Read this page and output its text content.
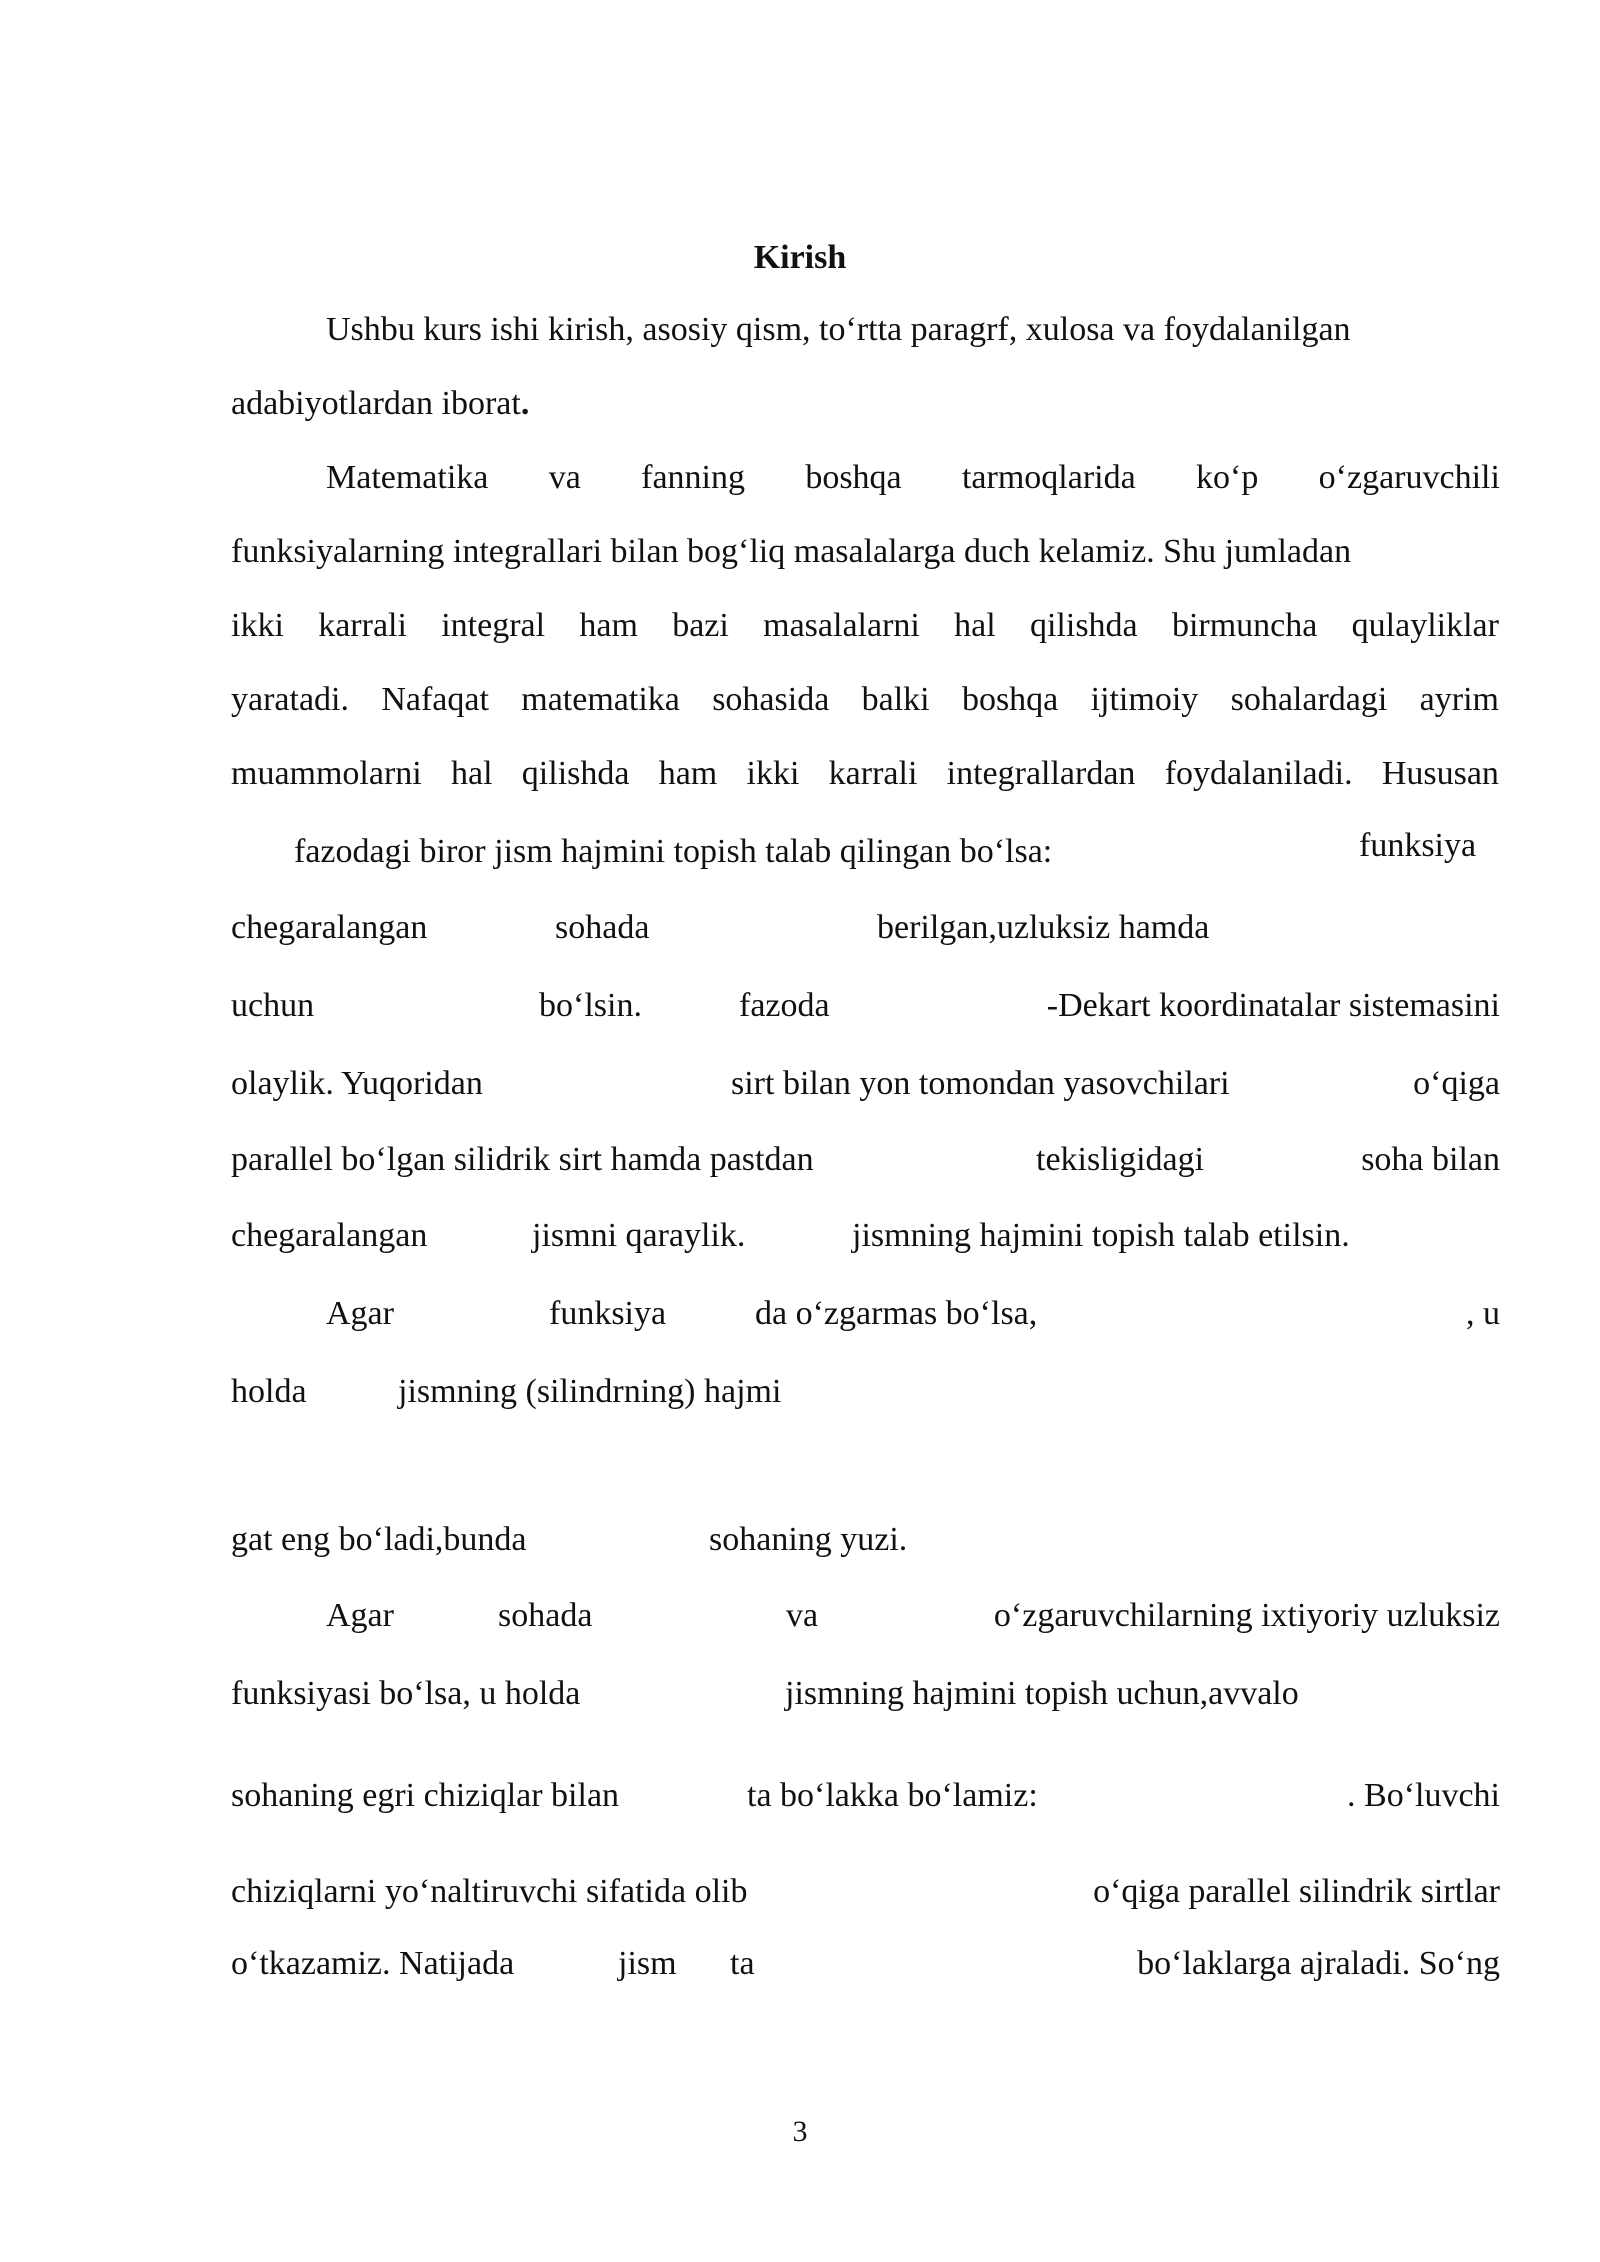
Kirish
Ushbu kurs ishi kirish, asosiy qism, to‘rtta paragrf, xulosa va foydalanilgan
adabiyotlardan iborat.
Matematika va fanning boshqa tarmoqlarida ko‘p o‘zgaruvchili
funksiyalarning integrallari bilan bog‘liq masalalarga duch kelamiz. Shu jumladan
ikki karrali integral ham bazi masalalarni hal qilishda birmuncha qulayliklar
yaratadi. Nafaqat matematika sohasida balki boshqa ijtimoiy sohalardagi ayrim
muammolarni hal qilishda ham ikki karrali integrallardan foydalaniladi. Hususan
fazodagi biror jism hajmini topish talab qilingan bo‘lsa:	funksiya
chegaralangan	sohada	berilgan,uzluksiz hamda
uchun	bo‘lsin.	fazoda	-Dekart koordinatalar sistemasini
olaylik. Yuqoridan	sirt bilan yon tomondan yasovchilari	o‘qiga
parallel bo‘lgan silidrik sirt hamda pastdan	tekisligidagi	soha bilan
chegaralangan	jismni qaraylik.	jismning hajmini topish talab etilsin.
Agar	funksiya	da o‘zgarmas bo‘lsa,	, u
holda	jismning (silindrning) hajmi
gat eng bo‘ladi,bunda	sohaning yuzi.
Agar	sohada	va	o‘zgaruvchilarning ixtiyoriy uzluksiz
funksiyasi bo‘lsa, u holda	jismning hajmini topish uchun,avvalo
sohaning egri chiziqlar bilan	ta bo‘lakka bo‘lamiz:	. Bo‘luvchi
chiziqlarni yo‘naltiruvchi sifatida olib	o‘qiga parallel silindrik sirtlar
o‘tkazamiz. Natijada	jism ta	bo‘laklarga ajraladi. So‘ng
3
